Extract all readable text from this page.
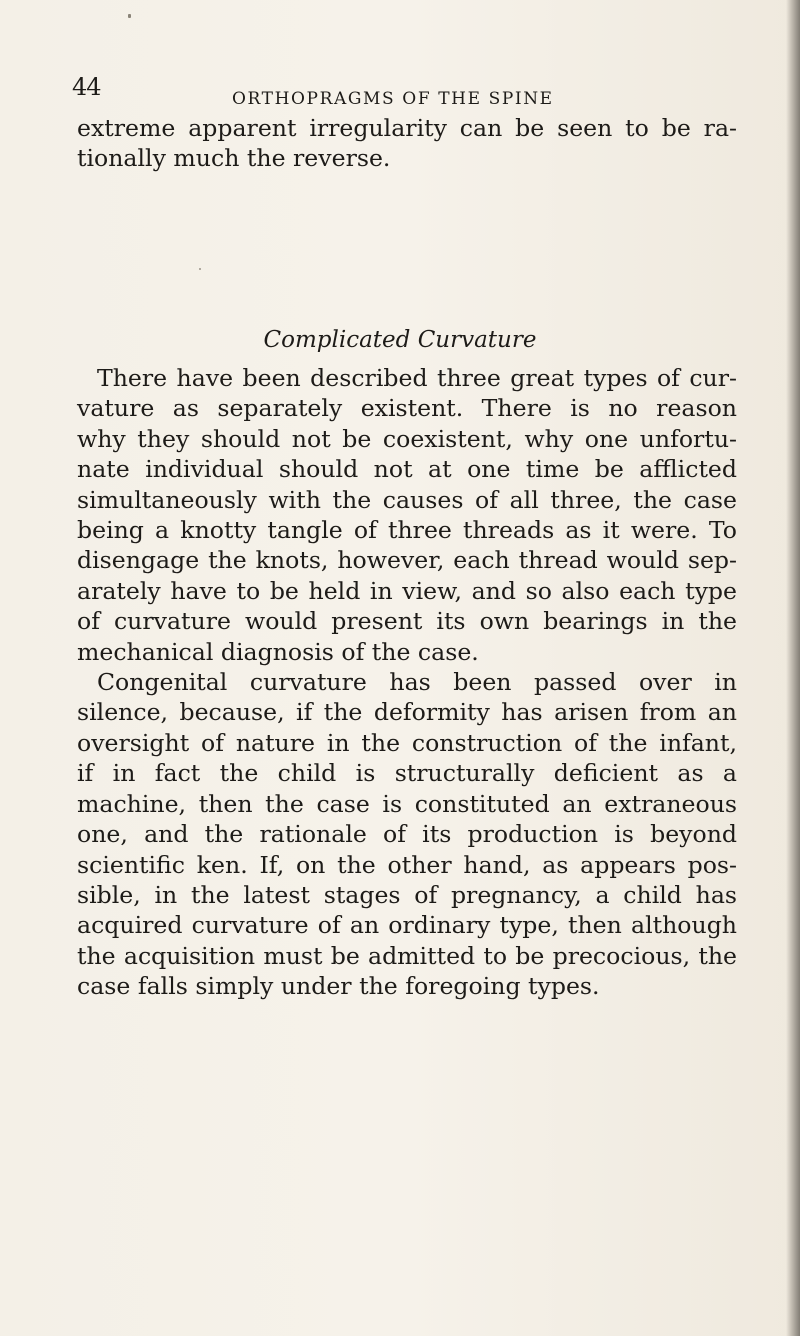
44	ORTHOPRAGMS OF THE SPINE
extreme apparent irregularity can be seen to be ra-
tionally much the reverse.
Complicated Curvature
There have been described three great types of cur-
vature as separately existent. There is no reason
why they should not be coexistent, why one unfortu-
nate individual should not at one time be afflicted
simultaneously with the causes of all three, the case
being a knotty tangle of three threads as it were. To
disengage the knots, however, each thread would sep-
arately have to be held in view, and so also each type
of curvature would present its own bearings in the
mechanical diagnosis of the case.
Congenital curvature has been passed over in
silence, because, if the deformity has arisen from an
oversight of nature in the construction of the infant,
if in fact the child is structurally deficient as a
machine, then the case is constituted an extraneous
one, and the rationale of its production is beyond
scientific ken. If, on the other hand, as appears pos-
sible, in the latest stages of pregnancy, a child has
acquired curvature of an ordinary type, then although
the acquisition must be admitted to be precocious, the
case falls simply under the foregoing types.
